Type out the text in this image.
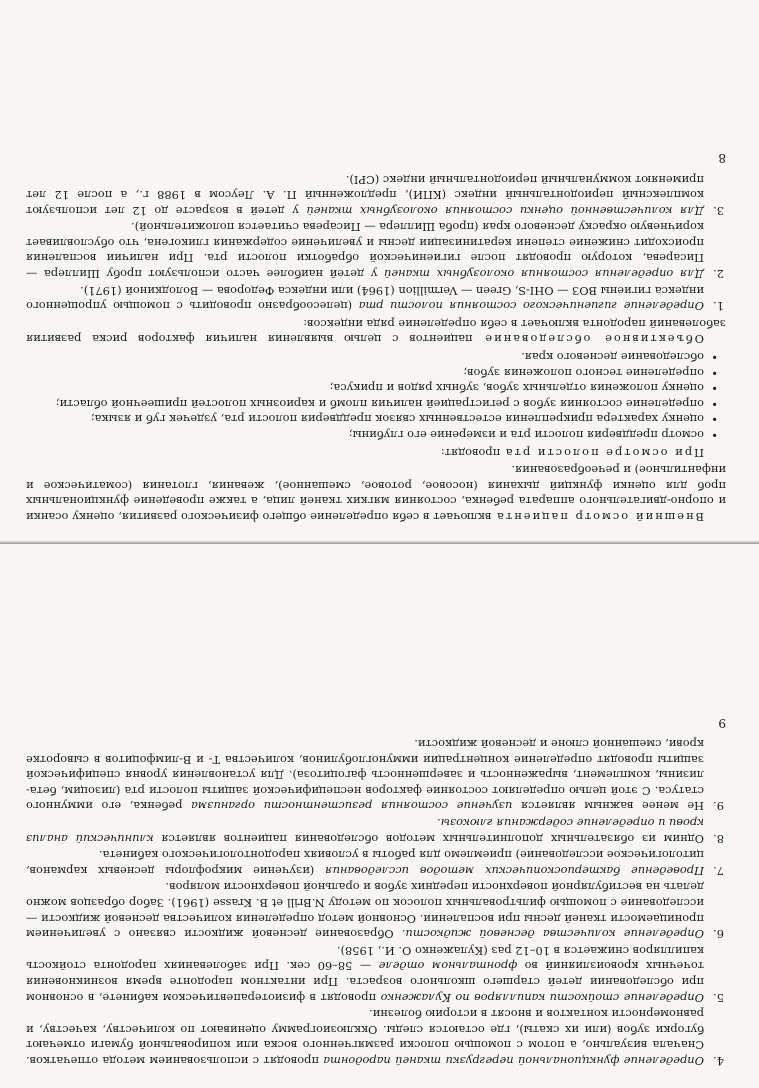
Внешний осмотр пациента включает в себя определение общего физического развития, оценку осанки и опорно-двигательного аппарата ребенка, состояния мягких тканей лица, а также проведение функциональных проб для оценки функций дыхания (носовое, ротовое, смешанное), жевания, глотания (соматическое и инфантильное) и речеобразования.

При осмотре полости рта проводят:

• осмотр преддверия полости рта и измерение его глубины;
• оценку характера прикрепления естественных связок преддверия полости рта, уздечек губ и языка;
• определение состояния зубов с регистрацией наличия пломб и кариозных полостей пришеечной области;
• оценку положения отдельных зубов, зубных рядов и прикуса;
• определение тесного положения зубов;
• обследование десневого края.

Объективное обследование пациентов с целью выявления наличия факторов риска развития заболеваний пародонта включает в себя определение ряда индексов:

1.
Определение гигиенического состояния полости рта (целесообразно проводить с помощью упрощенного индекса гигиены ВОЗ — OHI-S, Green — Vermillion (1964) или индекса Федорова — Володкиной (1971).
2.
Для определения состояния околозубных тканей у детей наиболее часто используют пробу Шиллера — Писарева, которую проводят после гигиенической обработки полости рта. При наличии воспаления происходит снижение степени кератинизации десны и увеличение содержания гликогена, что обусловливает коричневую окраску десневого края (проба Шиллера — Писарева считается положительной).
3.
Для количественной оценки состояния околозубных тканей у детей в возрасте до 12 лет используют комплексный периодонтальный индекс (КПИ), предложенный П. А. Леусом в 1988 г., а после 12 лет применяют коммунальный периодонтальный индекс (CPI).
8
4.
Определение функциональной перегрузки тканей пародонта проводят с использованием метода отпечатков. Сначала визуально, а потом с помощью полоски размягченного воска или копировальной бумаги отмечают бугорки зубов (или их скаты), где остаются следы. Окклюзиограмму оценивают по количеству, качеству, и равномерности контактов и вносят в историю болезни.
5.
Определение стойкости капилляров по Кулаженко проводят в физиотерапевтическом кабинете, в основном при обследовании детей старшего школьного возраста. При интактном пародонте время возникновения точечных кровоизлияний во фронтальном отделе — 58–60 сек. При заболеваниях пародонта стойкость капилляров снижается в 10–12 раз (Кулаженко О. И., 1958).
6.
Определение количества десневой жидкости. Образование десневой жидкости связано с увеличением проницаемости тканей десны при воспалении. Основной метод определения количества десневой жидкости — исследование с помощью фильтровальных полосок по методу N.Brill et B. Krasse (1961). Забор образцов можно делать на вестибулярной поверхности передних зубов и оральной поверхности моляров.
7.
Проведение бактериоскопических методов исследования (изучение микрофлоры десневых карманов, цитологическое исследование) приемлемо для работы в условиях пародонтологического кабинета.
8.
Одним из обязательных дополнительных методов обследования пациентов является клинический анализ крови и определение содержания глюкозы.
9.
Не менее важным является изучение состояния резистентности организма ребенка, его иммунного статуса. С этой целью определяют состояние факторов неспецифической защиты полости рта (лизоцим, бета-лизины, комплемент, выраженность и завершенность фагоцитоза). Для установления уровня специфической защиты проводят определение концентрации иммуноглобулинов, количества Т- и В-лимфоцитов в сыворотке крови, смешанной слюне и десневой жидкости.
9
